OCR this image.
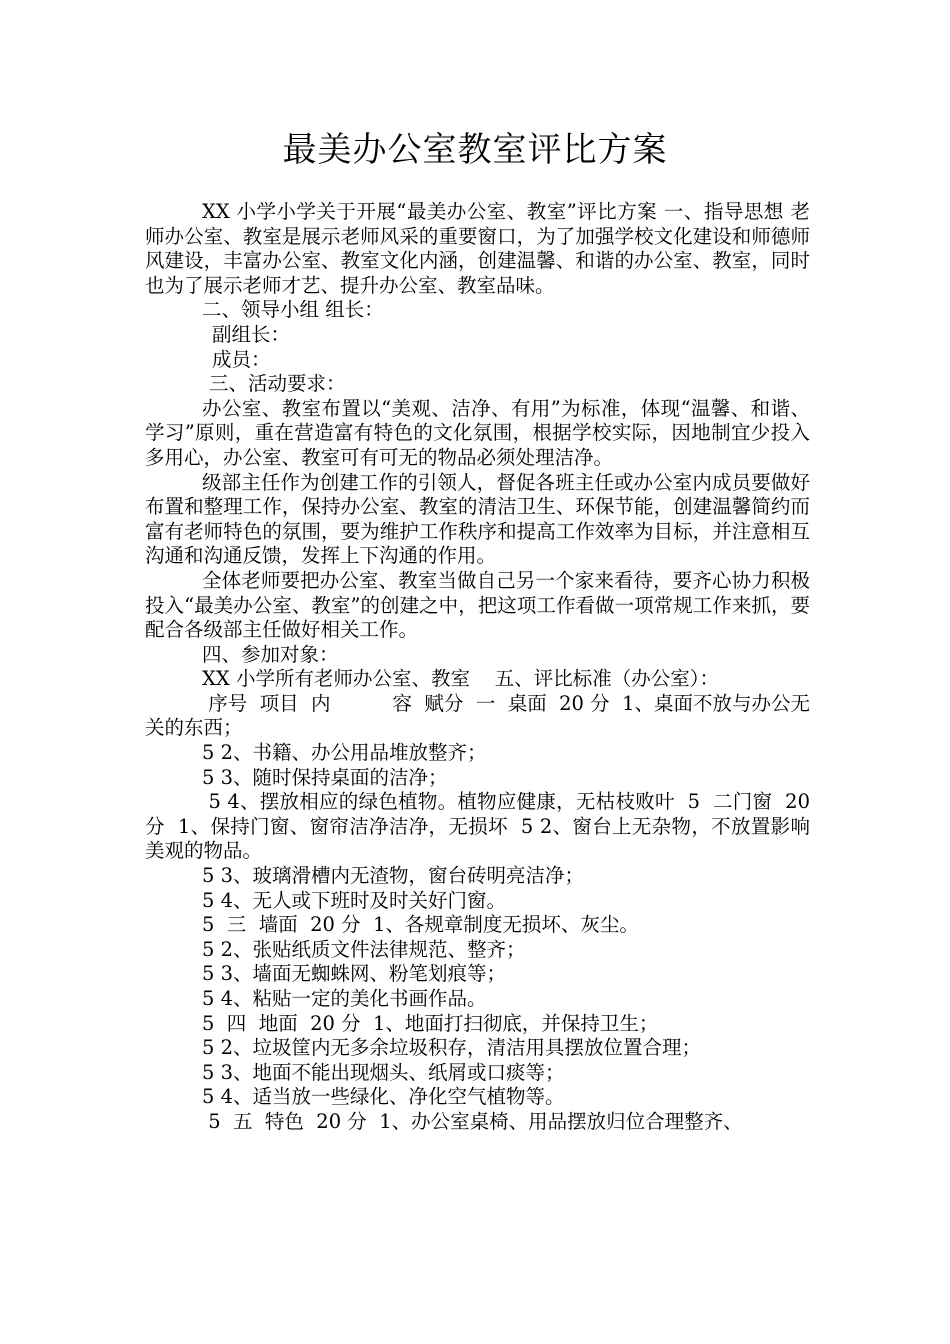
最美办公室教室评比方案

XX 小学小学关于开展“最美办公室、教室”评比方案 一、指导思想 老师办公室、教室是展示老师风采的重要窗口，为了加强学校文化建设和师德师风建设，丰富办公室、教室文化内涵，创建温馨、和谐的办公室、教室，同时也为了展示老师才艺、提升办公室、教室品味。

二、领导小组 组长：

副组长：

成员：

三、活动要求：

办公室、教室布置以“美观、洁净、有用”为标准，体现“温馨、和谐、学习”原则，重在营造富有特色的文化氛围，根据学校实际，因地制宜少投入多用心，办公室、教室可有可无的物品必须处理洁净。

级部主任作为创建工作的引领人，督促各班主任或办公室内成员要做好布置和整理工作，保持办公室、教室的清洁卫生、环保节能，创建温馨简约而富有老师特色的氛围，要为维护工作秩序和提高工作效率为目标，并注意相互沟通和沟通反馈，发挥上下沟通的作用。

全体老师要把办公室、教室当做自己另一个家来看待，要齐心协力积极投入“最美办公室、教室”的创建之中，把这项工作看做一项常规工作来抓，要配合各级部主任做好相关工作。

四、参加对象：

XX 小学所有老师办公室、教室    五、评比标准（办公室）：

序号  项目  内          容  赋分  一  桌面  20 分  1、桌面不放与办公无关的东西；

5 2、书籍、办公用品堆放整齐；

5 3、随时保持桌面的洁净；

5 4、摆放相应的绿色植物。植物应健康，无枯枝败叶  5  二门窗  20 分  1、保持门窗、窗帘洁净洁净，无损坏  5 2、窗台上无杂物，不放置影响美观的物品。

5 3、玻璃滑槽内无渣物，窗台砖明亮洁净；

5 4、无人或下班时及时关好门窗。

5  三  墙面  20 分  1、各规章制度无损坏、灰尘。

5 2、张贴纸质文件法律规范、整齐；

5 3、墙面无蜘蛛网、粉笔划痕等；

5 4、粘贴一定的美化书画作品。

5  四  地面  20 分  1、地面打扫彻底，并保持卫生；

5 2、垃圾筐内无多余垃圾积存，清洁用具摆放位置合理；

5 3、地面不能出现烟头、纸屑或口痰等；

5 4、适当放一些绿化、净化空气植物等。

5  五  特色  20 分  1、办公室桌椅、用品摆放归位合理整齐、
